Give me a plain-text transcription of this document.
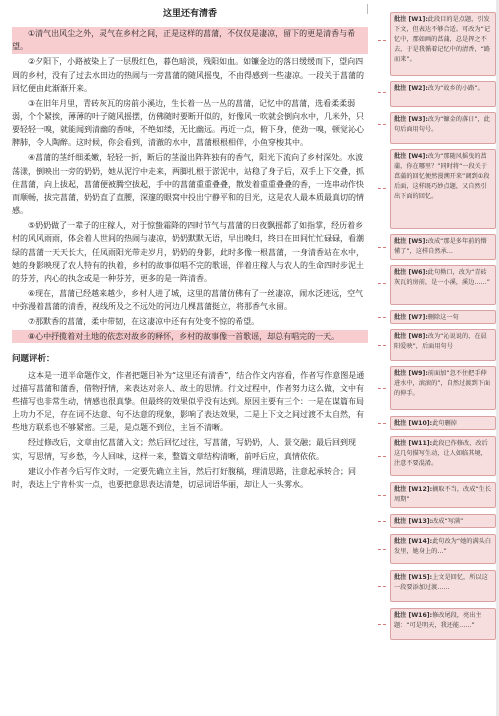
这里还有清香

①清气出风尘之外，灵气在乡村之间，正是这样的菖蒲，不仅仅是凄凉，留下的更是清香与希望。

②夕阳下，小路被染上了一层殷红色，暮色暗淡，残阳如血。如镰金边的落日缓缓而下，望向四周的乡村，没有了过去水田边的热闹与一旁菖蒲的随风摇曳，不由得感到一些凄凉。一段关于菖蒲的回忆便由此渐渐开来。

③在旧年月里，青砖灰瓦的房前小溪边，生长着一丛一丛的菖蒲，记忆中的菖蒲，选看柔柔弱弱，个个紧挨，薄薄的叶子随风摇摆，仿佛随时要断开似的，好像风一吹就会倒向水中，几米外，只要轻轻一嗅，就能闻到清幽的香味，不绝如缕，无比幽远。再近一点，俯下身，使劲一嗅，顿觉沁心脾肺，令人陶醉。这时候，你会看到，清澈的水中，菖蒲根根相伴，小鱼穿梭其中。

④菖蒲的茎纤细柔嫩，轻轻一折，断后的茎溢出阵阵独有的香气，阳光下流向了乡村深处。水波荡漾，倒映出一旁的奶奶，她从泥泞中走来，两脚扎根于淤泥中，站稳了身子后，双手上下交叠，抓住菖蒲，向上拔起，菖蒲便被腾空拔起，手中的菖蒲重重叠叠，散发着重重叠叠的香，一连串动作快而顺畅，拔完菖蒲，奶奶直了直腰，深邃的眼窝中投出宁静平和的目光，这是农人最本质最真切的情感。

⑤奶奶做了一辈子的庄稼人，对于惊蛰霜降的四时节气与菖蒲的日夜飘摇都了如指掌，经历着乡村的风风雨雨，体会着人世间的热闹与凄凉，奶奶默默无语，早出晚归，终日在田间忙忙碌碌，看潮绿的菖蒲一天天长大，任凤雨阳光带走岁月，奶奶的身影，此时多像一根菖蒲，一身清香站在水中，她的身影映现了农人特有的执着，乡村的故事似唱不完的歌谣，伴着庄稼人与农人的生命四时步泥土的芬芳，内心的执念或是一种芬芳，更多的是一阵清香。

⑥现在，菖蒲已经越来越少，乡村人进了城，这里的菖蒲仿佛有了一丝凄凉，闹水泛迹远，空气中弥漫着菖蒲的清香，视线所及之不远处的河边几棵菖蒲挺立，将那香气永留。

⑦那默香的菖蒲，柔中带韧，在这凄凉中还有有处变不惊的希望。

⑧心中抒揽着对土地的依恋对故乡的释怀，乡村的故事像一首歌谣，却总有唱完的一天。

问题评析：

这本是一道半命题作文，作者把题目补为“这里还有清香”，结合作文内容看，作者写作意图是通过描写菖蒲和蒲香，借物抒情，来表达对亲人、故土的思情。行文过程中，作者努力这么做，文中有些描写也非常生动，情感也很真挚。但最终的效果似乎没有达到。原因主要有三个：一是在谋篇布局上功力不足，存在词不达意、句不达意的现象，影响了表达效果，二是上下文之间过渡不太自然，有些地方联系也不够紧密。三是，是点题不到位，主旨不清晰。

经过修改后，文章由忆菖蒲入文；然后回忆过往，写菖蒲，写奶奶，人、景交融；最后回到现实，写思情，写乡愁，今人回味，这样一来，整篇文章结构清晰，前呼后应，真情依依。

建议小作者今后写作文时，一定要先确立主旨，然后打好腹稿，理清思路，注意起承转合；同时，表达上宁肯朴实一点，也要把意思表达清楚，切忌词语华丽，却让人一头雾水。

批注 [W1]:此段目的是点题，引发下文，但表达不够合适。可改为“记忆中，那如画的菖蒲，总是挥之不去，于是我循着记忆中的清香，“路而来”。
批注 [W2]:改为“故乡的小路”。
批注 [W3]:改为“镰金的落日”，此句后面用句号。
批注 [W4]:改为“那随风摇曳的菖蒲，你在哪里？”同时将“一段关于菖蒲的回忆便然漫溯开来”调到①段后面，这样既巧妙点题，又自然引出下面的回忆。
批注 [W5]:改成“那是多年前的懵懂了”，这样自然承…
批注 [W6]:此句拗口，改为“青砖灰瓦的房前，是一小溪，溪边……”
批注 [W7]:删除这一句
批注 [W8]:改为“沁说说的、在晨阳爱映”，后面用句号
批注 [W9]:前面加“忽不住把手伸进水中，滚滚的”，自然过渡到下面的伸手。
批注 [W10]:此句删掉
批注 [W11]:此段已作修改，改后这几句描写生动，让人如临其境，注意不要混淆。
批注 [W12]:摘取不当，改成“生长周期”
批注 [W13]:改成“写满”
批注 [W14]:此句改为“她的满头白发里，她身上的…”
批注 [W15]:上文是回忆，所以这一段要添加过渡……
批注 [W16]:修改尾段，亮出主题：“可是明天，我还能……”
